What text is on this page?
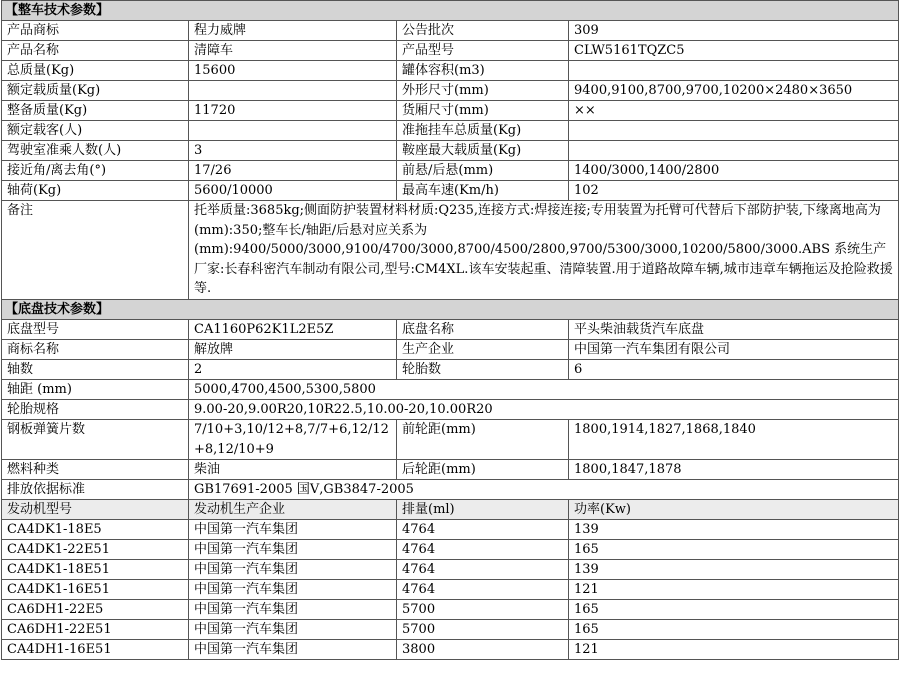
【整车技术参数】			
产品商标	程力威牌	公告批次	309
产品名称	清障车	产品型号	CLW5161TQZC5
总质量(Kg)	15600	罐体容积(m3)	
额定载质量(Kg)		外形尺寸(mm)	9400,9100,8700,9700,10200×2480×3650
整备质量(Kg)	11720	货厢尺寸(mm)	××
额定载客(人)		准拖挂车总质量(Kg)	
驾驶室准乘人数(人)	3	鞍座最大载质量(Kg)	
接近角/离去角(°)	17/26	前悬/后悬(mm)	1400/3000,1400/2800
轴荷(Kg)	5600/10000	最高车速(Km/h)	102
备注	托举质量:3685kg;侧面防护装置材料材质:Q235,连接方式:焊接连接;专用装置为托臂可代替后下部防护装,下缘离地高为(mm):350;整车长/轴距/后悬对应关系为(mm):9400/5000/3000,9100/4700/3000,8700/4500/2800,9700/5300/3000,10200/5800/3000.ABS 系统生产厂家:长春科密汽车制动有限公司,型号:CM4XL.该车安装起重、清障装置.用于道路故障车辆,城市违章车辆拖运及抢险救援等.		
【底盘技术参数】			
底盘型号	CA1160P62K1L2E5Z	底盘名称	平头柴油载货汽车底盘
商标名称	解放牌	生产企业	中国第一汽车集团有限公司
轴数	2	轮胎数	6
轴距 (mm)	5000,4700,4500,5300,5800		
轮胎规格	9.00-20,9.00R20,10R22.5,10.00-20,10.00R20		
钢板弹簧片数	7/10+3,10/12+8,7/7+6,12/12+8,12/10+9	前轮距(mm)	1800,1914,1827,1868,1840
燃料种类	柴油	后轮距(mm)	1800,1847,1878
排放依据标准	GB17691-2005 国Ⅴ,GB3847-2005		
发动机型号	发动机生产企业	排量(ml)	功率(Kw)
CA4DK1-18E5	中国第一汽车集团	4764	139
CA4DK1-22E51	中国第一汽车集团	4764	165
CA4DK1-18E51	中国第一汽车集团	4764	139
CA4DK1-16E51	中国第一汽车集团	4764	121
CA6DH1-22E5	中国第一汽车集团	5700	165
CA6DH1-22E51	中国第一汽车集团	5700	165
CA4DH1-16E51	中国第一汽车集团	3800	121
